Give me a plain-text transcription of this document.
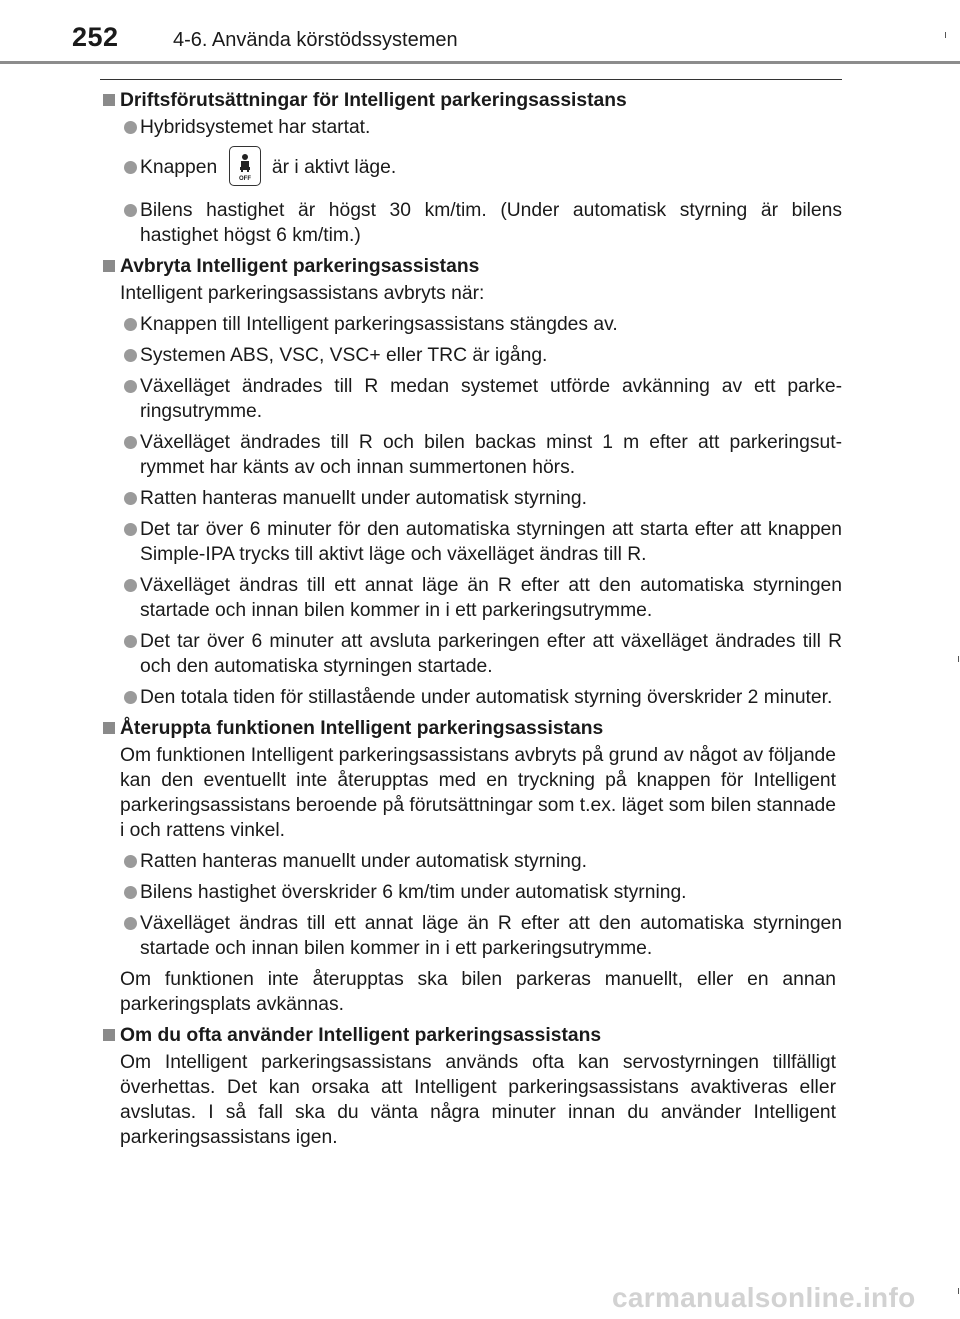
252	4-6. Använda körstödssystemen
Driftsförutsättningar för Intelligent parkeringsassistans
Hybridsystemet har startat.
Knappen
OFF
är i aktivt läge.
Bilens hastighet är högst 30 km/tim. (Under automatisk styrning är bilens hastighet högst 6 km/tim.)
Avbryta Intelligent parkeringsassistans
Intelligent parkeringsassistans avbryts när:
Knappen till Intelligent parkeringsassistans stängdes av.
Systemen ABS, VSC, VSC+ eller TRC är igång.
Växelläget ändrades till R medan systemet utförde avkänning av ett parke-ringsutrymme.
Växelläget ändrades till R och bilen backas minst 1 m efter att parkeringsut-rymmet har känts av och innan summertonen hörs.
Ratten hanteras manuellt under automatisk styrning.
Det tar över 6 minuter för den automatiska styrningen att starta efter att knappen Simple-IPA trycks till aktivt läge och växelläget ändras till R.
Växelläget ändras till ett annat läge än R efter att den automatiska styrningen startade och innan bilen kommer in i ett parkeringsutrymme.
Det tar över 6 minuter att avsluta parkeringen efter att växelläget ändrades till R och den automatiska styrningen startade.
Den totala tiden för stillastående under automatisk styrning överskrider 2 minuter.
Återuppta funktionen Intelligent parkeringsassistans
Om funktionen Intelligent parkeringsassistans avbryts på grund av något av följande kan den eventuellt inte återupptas med en tryckning på knappen för Intelligent parkeringsassistans beroende på förutsättningar som t.ex. läget som bilen stannade i och rattens vinkel.
Ratten hanteras manuellt under automatisk styrning.
Bilens hastighet överskrider 6 km/tim under automatisk styrning.
Växelläget ändras till ett annat läge än R efter att den automatiska styrningen startade och innan bilen kommer in i ett parkeringsutrymme.
Om funktionen inte återupptas ska bilen parkeras manuellt, eller en annan parkeringsplats avkännas.
Om du ofta använder Intelligent parkeringsassistans
Om Intelligent parkeringsassistans används ofta kan servostyrningen tillfälligt överhettas. Det kan orsaka att Intelligent parkeringsassistans avaktiveras eller avslutas. I så fall ska du vänta några minuter innan du använder Intelligent parkeringsassistans igen.
carmanualsonline.info
